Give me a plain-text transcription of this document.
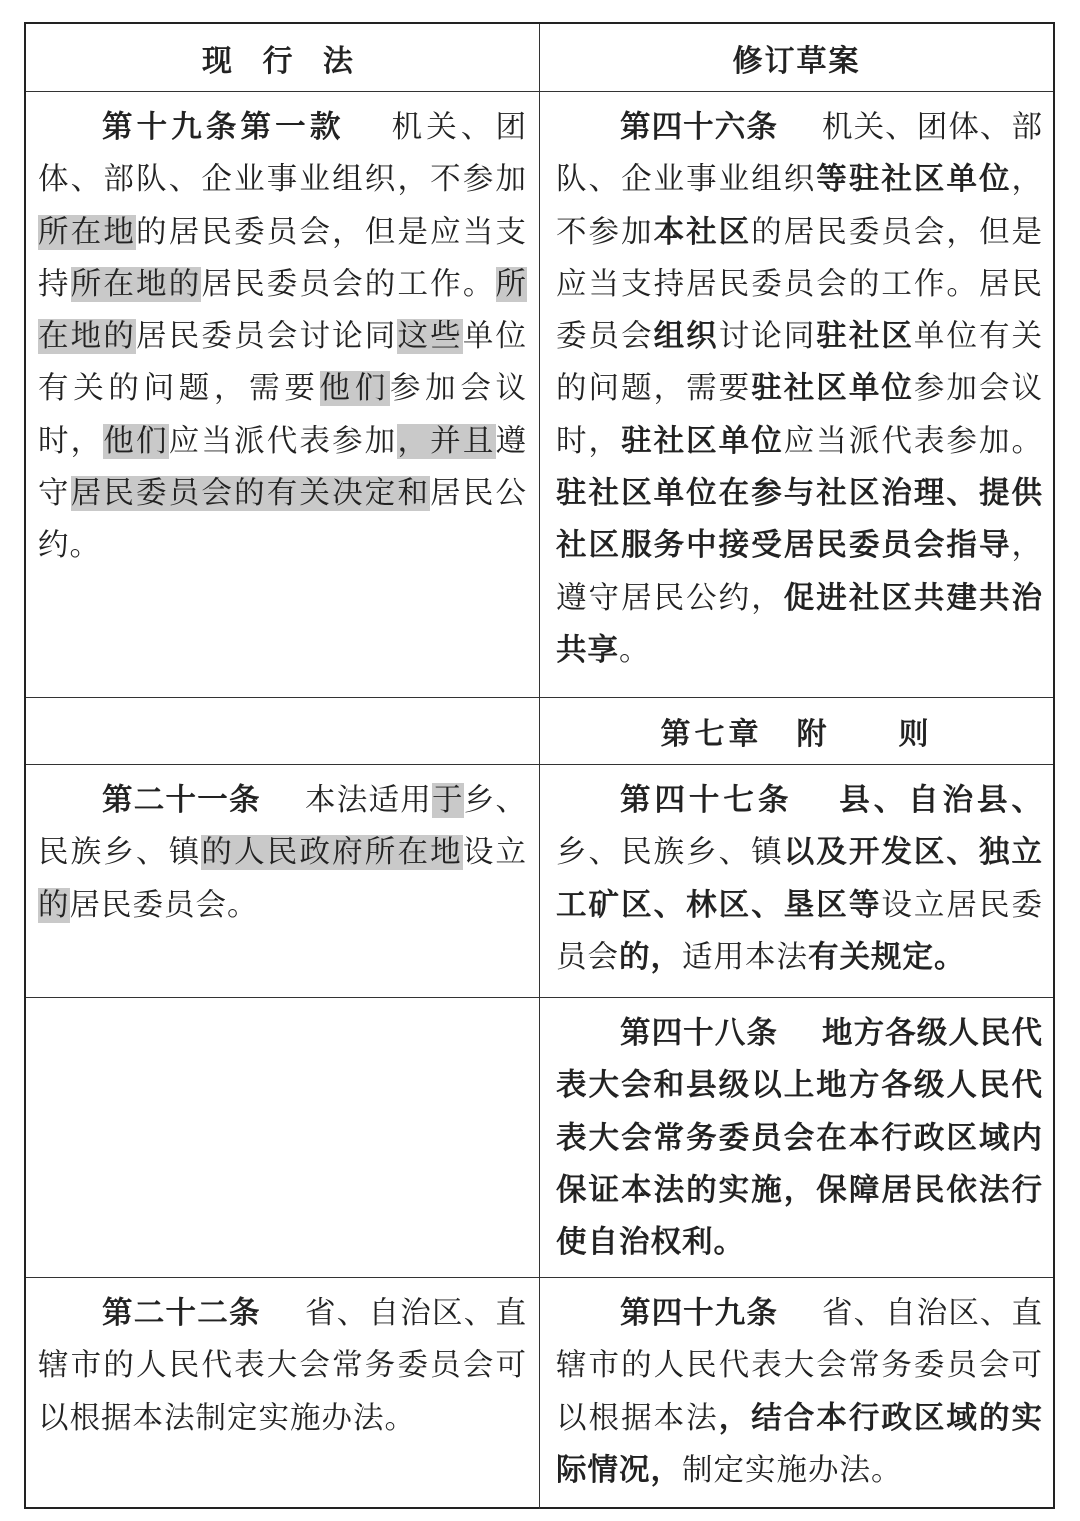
现 行 法	修订草案

第十九条第一款 机关、团体、部队、企业事业组织，不参加所在地的居民委员会，但是应当支持所在地的居民委员会的工作。所在地的居民委员会讨论同这些单位有关的问题，需要他们参加会议时，他们应当派代表参加，并且遵守居民委员会的有关决定和居民公约。

第四十六条 机关、团体、部队、企业事业组织等驻社区单位，不参加本社区的居民委员会，但是应当支持居民委员会的工作。居民委员会组织讨论同驻社区单位有关的问题，需要驻社区单位参加会议时，驻社区单位应当派代表参加。驻社区单位在参与社区治理、提供社区服务中接受居民委员会指导，遵守居民公约，促进社区共建共治共享。

第七章　附　　则

第二十一条 本法适用于乡、民族乡、镇的人民政府所在地设立的居民委员会。

第四十七条 县、自治县、乡、民族乡、镇以及开发区、独立工矿区、林区、垦区等设立居民委员会的，适用本法有关规定。

第四十八条 地方各级人民代表大会和县级以上地方各级人民代表大会常务委员会在本行政区域内保证本法的实施，保障居民依法行使自治权利。

第二十二条 省、自治区、直辖市的人民代表大会常务委员会可以根据本法制定实施办法。

第四十九条 省、自治区、直辖市的人民代表大会常务委员会可以根据本法，结合本行政区域的实际情况，制定实施办法。
